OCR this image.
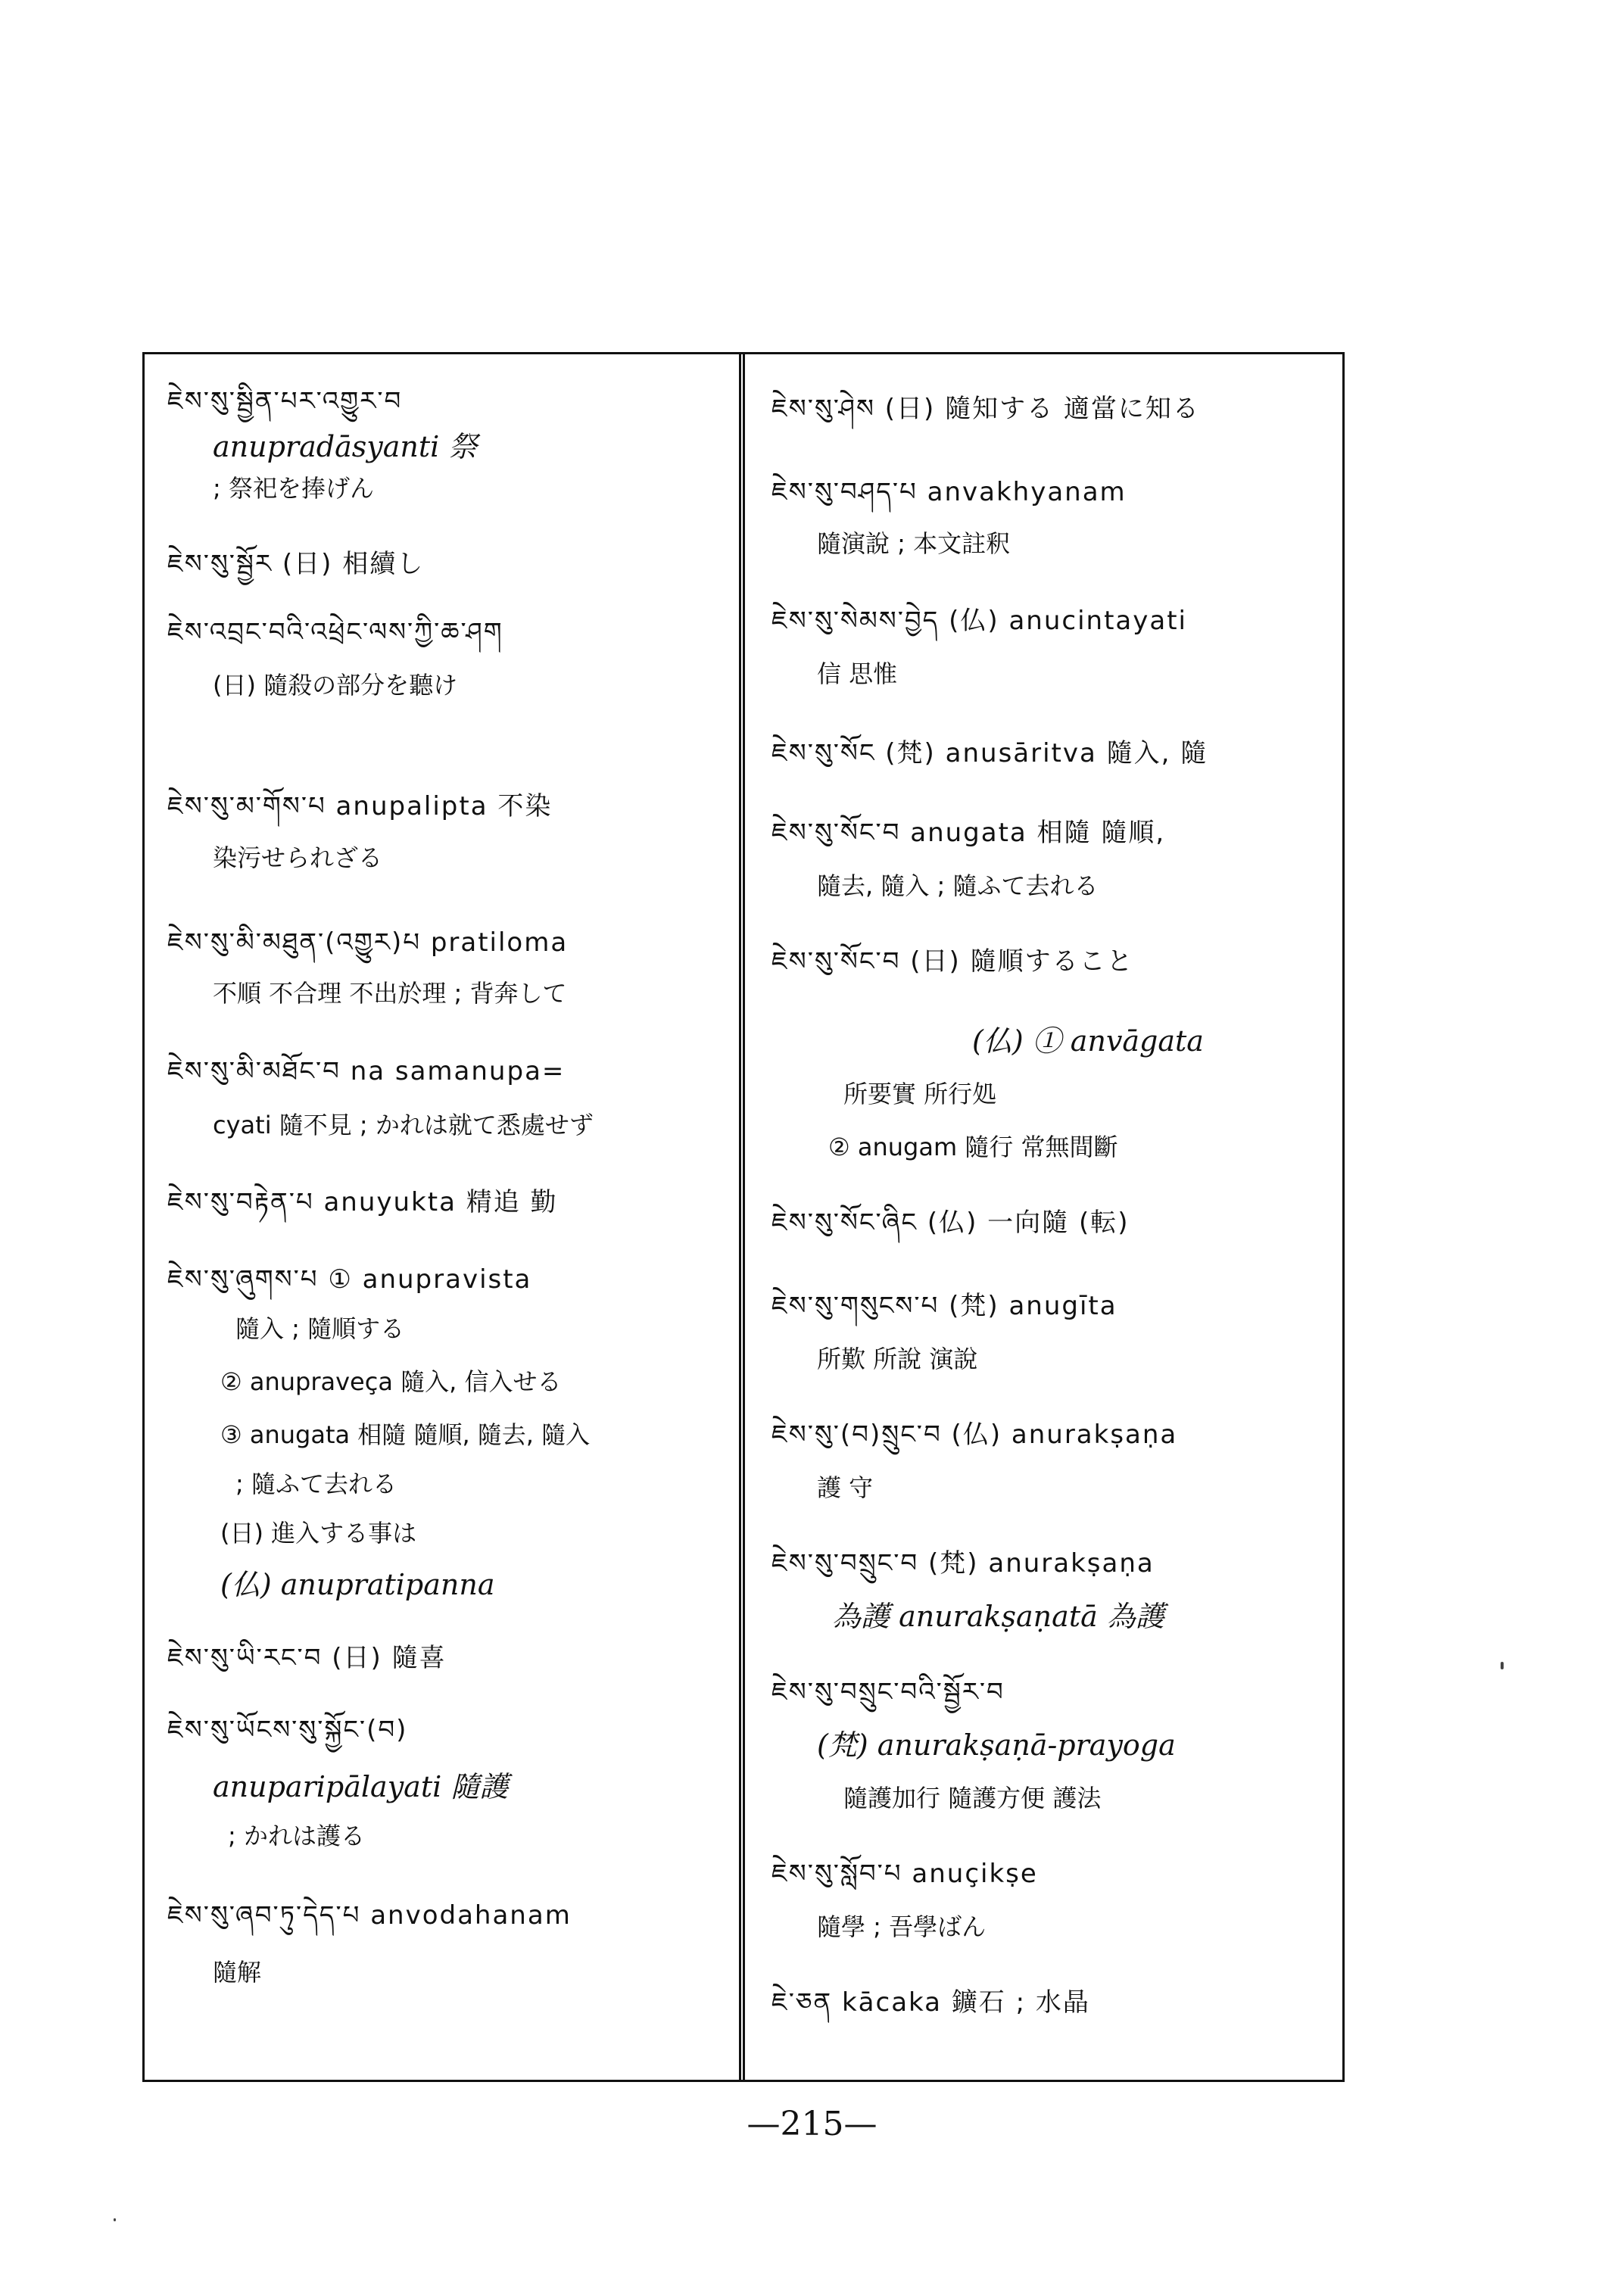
ཇེས་སུ་སྦྱིན་པར་འགྱུར་བ
anupradāsyanti 祭
; 祭祀を捧げん
ཇེས་སུ་སྦྱོར (日) 相續し
ཇེས་འབྲང་བའི་འཕྲེང་ལས་ཀྱི་ཆ་ཤག
(日) 隨殺の部分を聽け
ཇེས་སུ་མ་གོས་པ anupalipta 不染
染污せられざる
ཇེས་སུ་མི་མཐུན་(འགྱུར)པ pratiloma
不順 不合理 不出於理 ; 背奔して
ཇེས་སུ་མི་མཐོང་བ na samanupa=
cyati 隨不見 ; かれは就て悉處せず
ཇེས་སུ་བརྟེན་པ anuyukta 精追 勤
ཇེས་སུ་ཞུགས་པ ① anupravista
隨入 ; 隨順する
② anupraveça 隨入, 信入せる
③ anugata 相隨 隨順, 隨去, 隨入
; 隨ふて去れる
(日) 進入する事は
(仏) anupratipanna
ཇེས་སུ་ཡི་རང་བ (日) 隨喜
ཇེས་སུ་ཡོངས་སུ་སྐྱོང་(བ)
anuparipālayati 隨護
; かれは護る
ཇེས་སུ་ཞབ་ཏུ་དེད་པ anvodahanam
隨解
ཇེས་སུ་ཤེས (日) 隨知する 適當に知る
ཇེས་སུ་བཤད་པ anvakhyanam
隨演說 ; 本文註釈
ཇེས་སུ་སེམས་བྱེད (仏) anucintayati
信 思惟
ཇེས་སུ་སོང (梵) anusāritva 隨入, 隨
ཇེས་སུ་སོང་བ anugata 相隨 隨順,
隨去, 隨入 ; 隨ふて去れる
ཇེས་སུ་སོང་བ (日) 隨順すること
(仏) ① anvāgata
所要實 所行処
② anugam 隨行 常無間斷
ཇེས་སུ་སོང་ཞིང (仏) 一向隨 (転)
ཇེས་སུ་གསུངས་པ (梵) anugīta
所歎 所說 演說
ཇེས་སུ་(བ)སྲུང་བ (仏) anurakṣaṇa
護 守
ཇེས་སུ་བསྲུང་བ (梵) anurakṣaṇa
為護 anurakṣaṇatā 為護
ཇེས་སུ་བསྲུང་བའི་སྦྱོར་བ
(梵) anurakṣaṇā-prayoga
隨護加行 隨護方便 護法
ཇེས་སུ་སློབ་པ anuçikṣe
隨學 ; 吾學ばん
ཇེ་ཅན kācaka 鑛石 ; 水晶
—215—
